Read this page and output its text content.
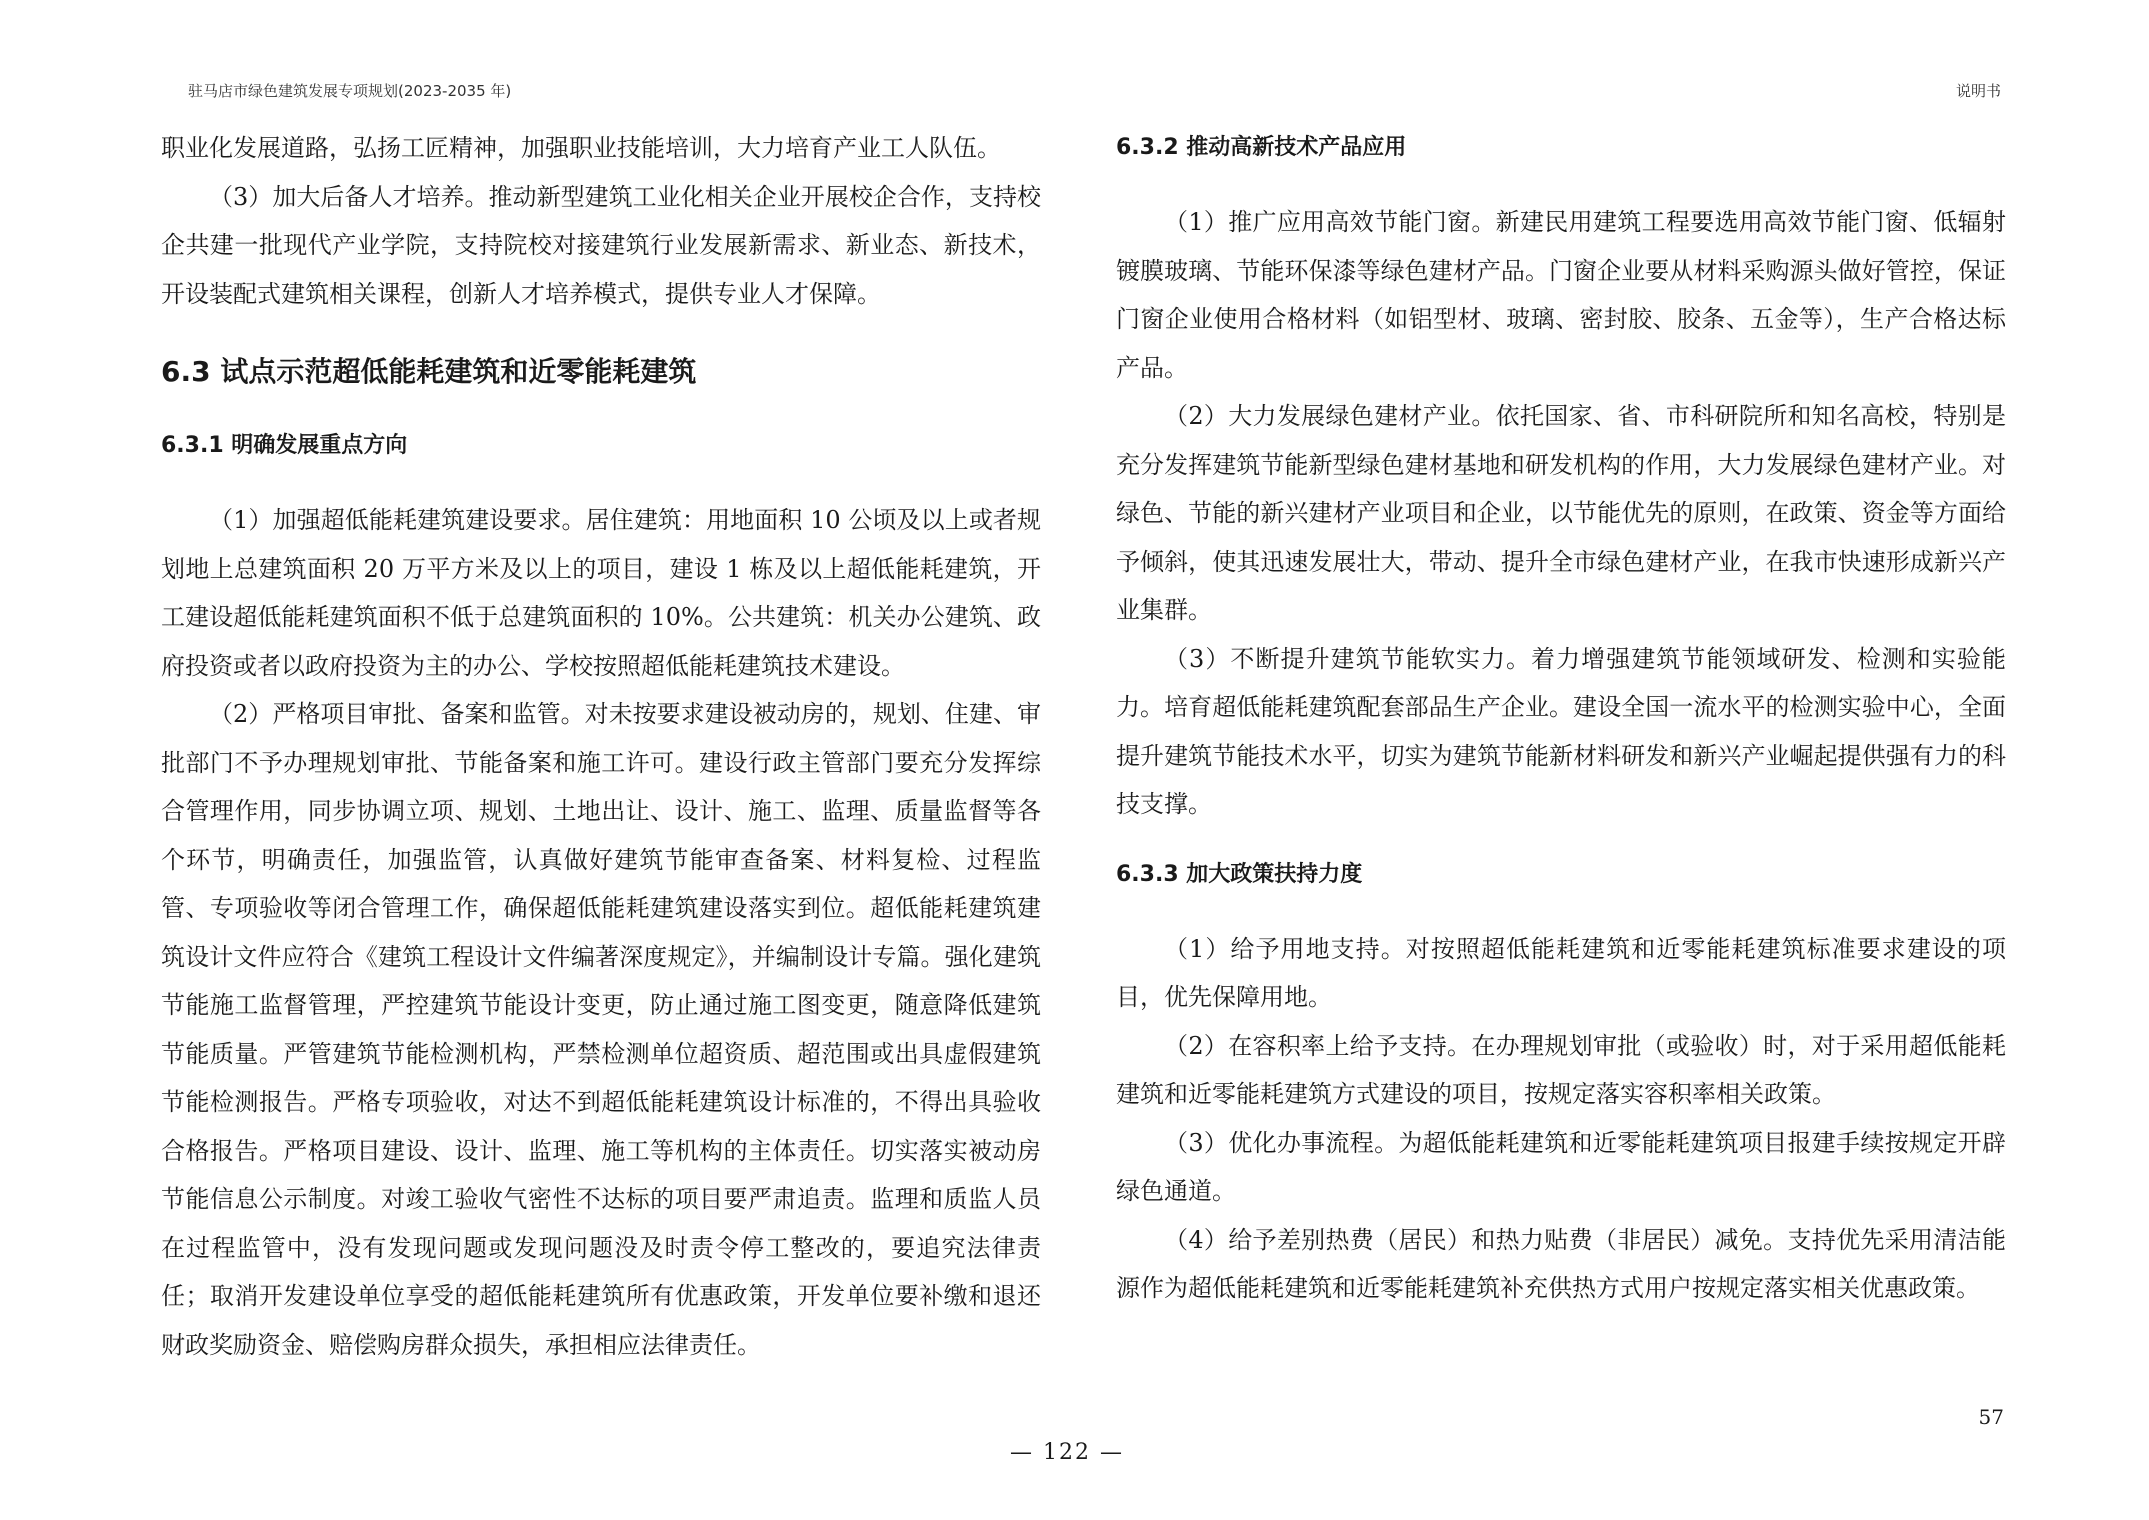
驻马店市绿色建筑发展专项规划(2023-2035 年)	说明书

职业化发展道路，弘扬工匠精神，加强职业技能培训，大力培育产业工人队伍。

（3）加大后备人才培养。推动新型建筑工业化相关企业开展校企合作，支持校企共建一批现代产业学院，支持院校对接建筑行业发展新需求、新业态、新技术，开设装配式建筑相关课程，创新人才培养模式，提供专业人才保障。

6.3 试点示范超低能耗建筑和近零能耗建筑
6.3.1 明确发展重点方向

（1）加强超低能耗建筑建设要求。居住建筑：用地面积 10 公顷及以上或者规划地上总建筑面积 20 万平方米及以上的项目，建设 1 栋及以上超低能耗建筑，开工建设超低能耗建筑面积不低于总建筑面积的 10%。公共建筑：机关办公建筑、政府投资或者以政府投资为主的办公、学校按照超低能耗建筑技术建设。

（2）严格项目审批、备案和监管。对未按要求建设被动房的，规划、住建、审批部门不予办理规划审批、节能备案和施工许可。建设行政主管部门要充分发挥综合管理作用，同步协调立项、规划、土地出让、设计、施工、监理、质量监督等各个环节，明确责任，加强监管，认真做好建筑节能审查备案、材料复检、过程监管、专项验收等闭合管理工作，确保超低能耗建筑建设落实到位。超低能耗建筑建筑设计文件应符合《建筑工程设计文件编著深度规定》，并编制设计专篇。强化建筑节能施工监督管理，严控建筑节能设计变更，防止通过施工图变更，随意降低建筑节能质量。严管建筑节能检测机构，严禁检测单位超资质、超范围或出具虚假建筑节能检测报告。严格专项验收，对达不到超低能耗建筑设计标准的，不得出具验收合格报告。严格项目建设、设计、监理、施工等机构的主体责任。切实落实被动房节能信息公示制度。对竣工验收气密性不达标的项目要严肃追责。监理和质监人员在过程监管中，没有发现问题或发现问题没及时责令停工整改的，要追究法律责任；取消开发建设单位享受的超低能耗建筑所有优惠政策，开发单位要补缴和退还财政奖励资金、赔偿购房群众损失，承担相应法律责任。

6.3.2 推动高新技术产品应用

（1）推广应用高效节能门窗。新建民用建筑工程要选用高效节能门窗、低辐射镀膜玻璃、节能环保漆等绿色建材产品。门窗企业要从材料采购源头做好管控，保证门窗企业使用合格材料（如铝型材、玻璃、密封胶、胶条、五金等），生产合格达标产品。

（2）大力发展绿色建材产业。依托国家、省、市科研院所和知名高校，特别是充分发挥建筑节能新型绿色建材基地和研发机构的作用，大力发展绿色建材产业。对绿色、节能的新兴建材产业项目和企业，以节能优先的原则，在政策、资金等方面给予倾斜，使其迅速发展壮大，带动、提升全市绿色建材产业，在我市快速形成新兴产业集群。

（3）不断提升建筑节能软实力。着力增强建筑节能领域研发、检测和实验能力。培育超低能耗建筑配套部品生产企业。建设全国一流水平的检测实验中心，全面提升建筑节能技术水平，切实为建筑节能新材料研发和新兴产业崛起提供强有力的科技支撑。

6.3.3 加大政策扶持力度

（1）给予用地支持。对按照超低能耗建筑和近零能耗建筑标准要求建设的项目，优先保障用地。

（2）在容积率上给予支持。在办理规划审批（或验收）时，对于采用超低能耗建筑和近零能耗建筑方式建设的项目，按规定落实容积率相关政策。

（3）优化办事流程。为超低能耗建筑和近零能耗建筑项目报建手续按规定开辟绿色通道。

（4）给予差别热费（居民）和热力贴费（非居民）减免。支持优先采用清洁能源作为超低能耗建筑和近零能耗建筑补充供热方式用户按规定落实相关优惠政策。

57
— 122 —
